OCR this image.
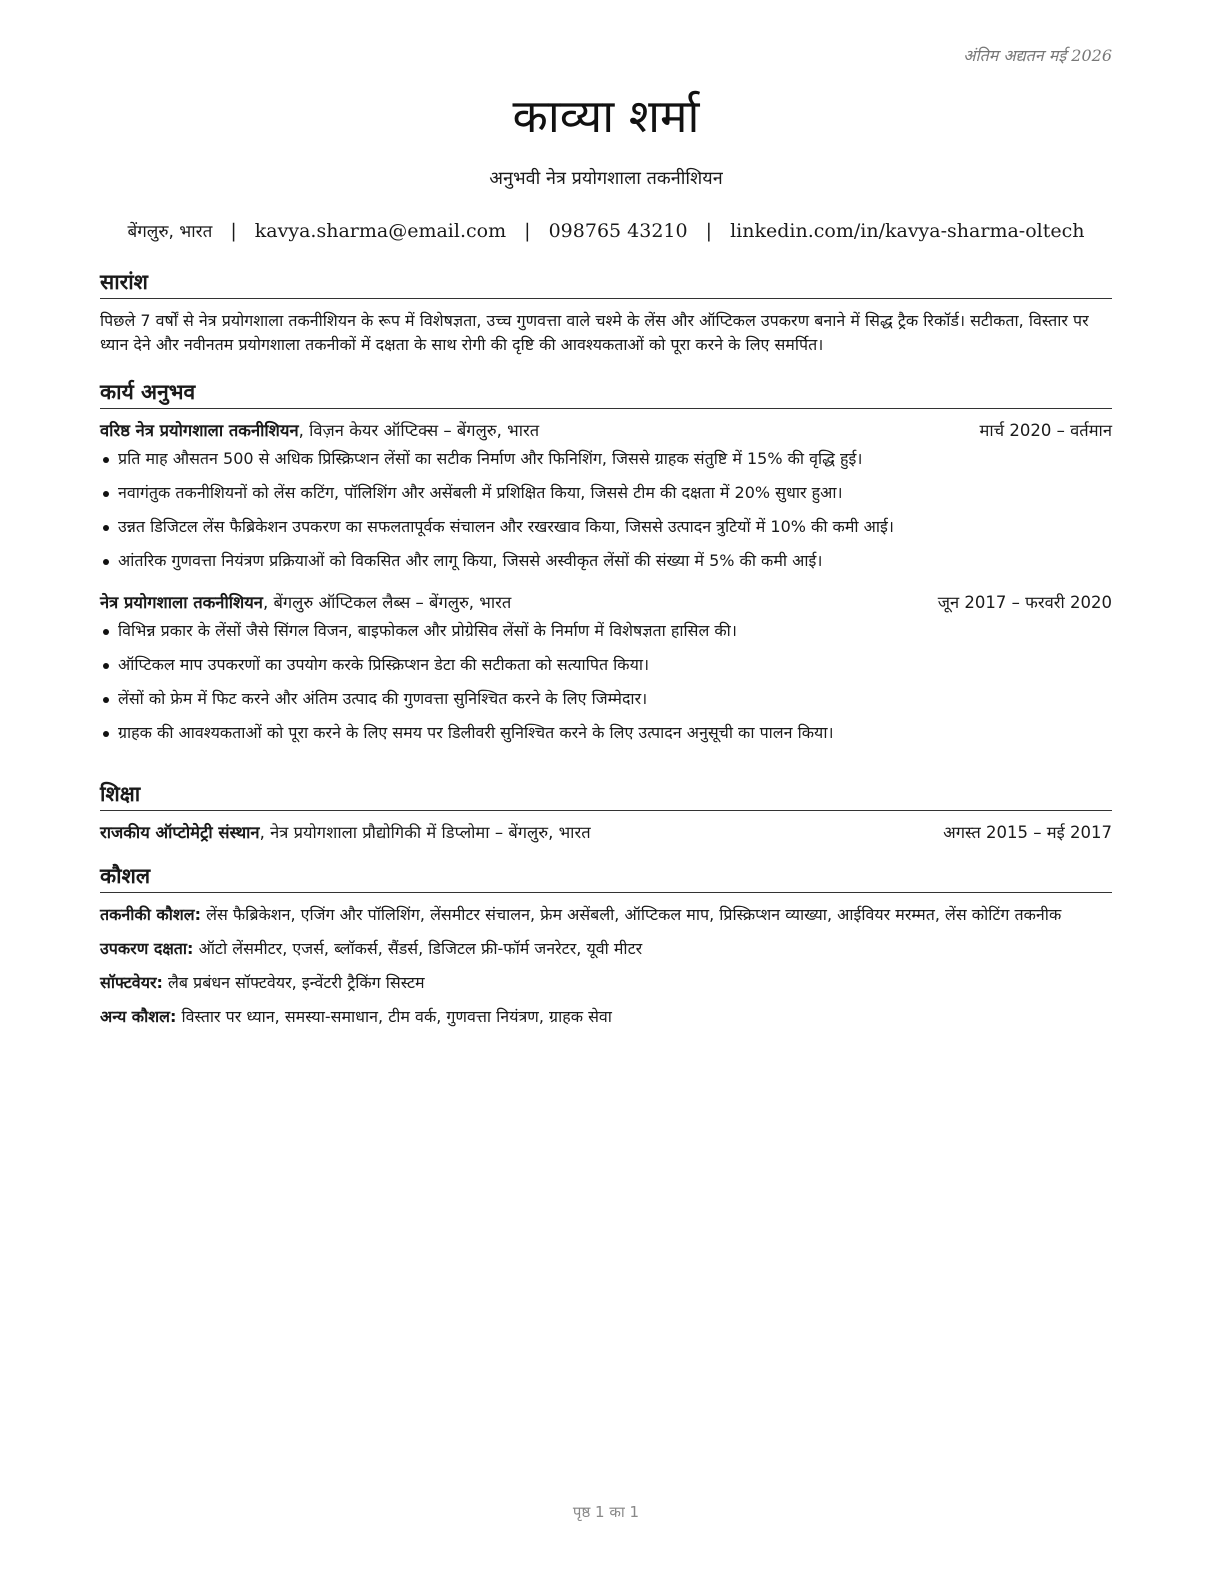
अंतिम अद्यतन मई 2026
काव्या शर्मा
अनुभवी नेत्र प्रयोगशाला तकनीशियन
बेंगलुरु, भारत | kavya.sharma@email.com | 098765 43210 | linkedin.com/in/kavya-sharma-oltech
सारांश
पिछले 7 वर्षों से नेत्र प्रयोगशाला तकनीशियन के रूप में विशेषज्ञता, उच्च गुणवत्ता वाले चश्मे के लेंस और ऑप्टिकल उपकरण बनाने में सिद्ध ट्रैक रिकॉर्ड। सटीकता, विस्तार पर ध्यान देने और नवीनतम प्रयोगशाला तकनीकों में दक्षता के साथ रोगी की दृष्टि की आवश्यकताओं को पूरा करने के लिए समर्पित।
कार्य अनुभव
वरिष्ठ नेत्र प्रयोगशाला तकनीशियन, विज़न केयर ऑप्टिक्स – बेंगलुरु, भारत	मार्च 2020 – वर्तमान
प्रति माह औसतन 500 से अधिक प्रिस्क्रिप्शन लेंसों का सटीक निर्माण और फिनिशिंग, जिससे ग्राहक संतुष्टि में 15% की वृद्धि हुई।
नवागंतुक तकनीशियनों को लेंस कटिंग, पॉलिशिंग और असेंबली में प्रशिक्षित किया, जिससे टीम की दक्षता में 20% सुधार हुआ।
उन्नत डिजिटल लेंस फैब्रिकेशन उपकरण का सफलतापूर्वक संचालन और रखरखाव किया, जिससे उत्पादन त्रुटियों में 10% की कमी आई।
आंतरिक गुणवत्ता नियंत्रण प्रक्रियाओं को विकसित और लागू किया, जिससे अस्वीकृत लेंसों की संख्या में 5% की कमी आई।
नेत्र प्रयोगशाला तकनीशियन, बेंगलुरु ऑप्टिकल लैब्स – बेंगलुरु, भारत	जून 2017 – फरवरी 2020
विभिन्न प्रकार के लेंसों जैसे सिंगल विजन, बाइफोकल और प्रोग्रेसिव लेंसों के निर्माण में विशेषज्ञता हासिल की।
ऑप्टिकल माप उपकरणों का उपयोग करके प्रिस्क्रिप्शन डेटा की सटीकता को सत्यापित किया।
लेंसों को फ्रेम में फिट करने और अंतिम उत्पाद की गुणवत्ता सुनिश्चित करने के लिए जिम्मेदार।
ग्राहक की आवश्यकताओं को पूरा करने के लिए समय पर डिलीवरी सुनिश्चित करने के लिए उत्पादन अनुसूची का पालन किया।
शिक्षा
राजकीय ऑप्टोमेट्री संस्थान, नेत्र प्रयोगशाला प्रौद्योगिकी में डिप्लोमा – बेंगलुरु, भारत	अगस्त 2015 – मई 2017
कौशल
तकनीकी कौशल: लेंस फैब्रिकेशन, एजिंग और पॉलिशिंग, लेंसमीटर संचालन, फ्रेम असेंबली, ऑप्टिकल माप, प्रिस्क्रिप्शन व्याख्या, आईवियर मरम्मत, लेंस कोटिंग तकनीक
उपकरण दक्षता: ऑटो लेंसमीटर, एजर्स, ब्लॉकर्स, सैंडर्स, डिजिटल फ्री-फॉर्म जनरेटर, यूवी मीटर
सॉफ्टवेयर: लैब प्रबंधन सॉफ्टवेयर, इन्वेंटरी ट्रैकिंग सिस्टम
अन्य कौशल: विस्तार पर ध्यान, समस्या-समाधान, टीम वर्क, गुणवत्ता नियंत्रण, ग्राहक सेवा
पृष्ठ 1 का 1
